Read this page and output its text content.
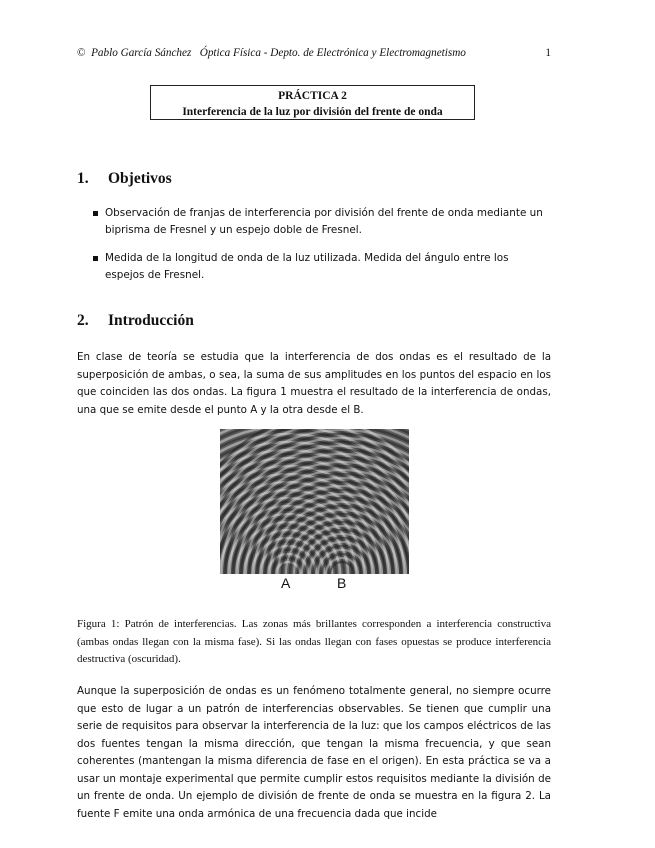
© Pablo García Sánchez Óptica Física - Depto. de Electrónica y Electromagnetismo	1
PRÁCTICA 2
Interferencia de la luz por división del frente de onda
1. Objetivos
Observación de franjas de interferencia por división del frente de onda mediante un biprisma de Fresnel y un espejo doble de Fresnel.
Medida de la longitud de onda de la luz utilizada. Medida del ángulo entre los espejos de Fresnel.
2. Introducción

En clase de teoría se estudia que la interferencia de dos ondas es el resultado de la superposición de ambas, o sea, la suma de sus amplitudes en los puntos del espacio en los que coinciden las dos ondas. La figura 1 muestra el resultado de la interferencia de ondas, una que se emite desde el punto A y la otra desde el B.

A	B

Figura 1: Patrón de interferencias. Las zonas más brillantes corresponden a interferencia constructiva (ambas ondas llegan con la misma fase). Si las ondas llegan con fases opuestas se produce interferencia destructiva (oscuridad).

Aunque la superposición de ondas es un fenómeno totalmente general, no siempre ocurre que esto de lugar a un patrón de interferencias observables. Se tienen que cumplir una serie de requisitos para observar la interferencia de la luz: que los campos eléctricos de las dos fuentes tengan la misma dirección, que tengan la misma frecuencia, y que sean coherentes (mantengan la misma diferencia de fase en el origen). En esta práctica se va a usar un montaje experimental que permite cumplir estos requisitos mediante la división de un frente de onda. Un ejemplo de división de frente de onda se muestra en la figura 2. La fuente F emite una onda armónica de una frecuencia dada que incide
